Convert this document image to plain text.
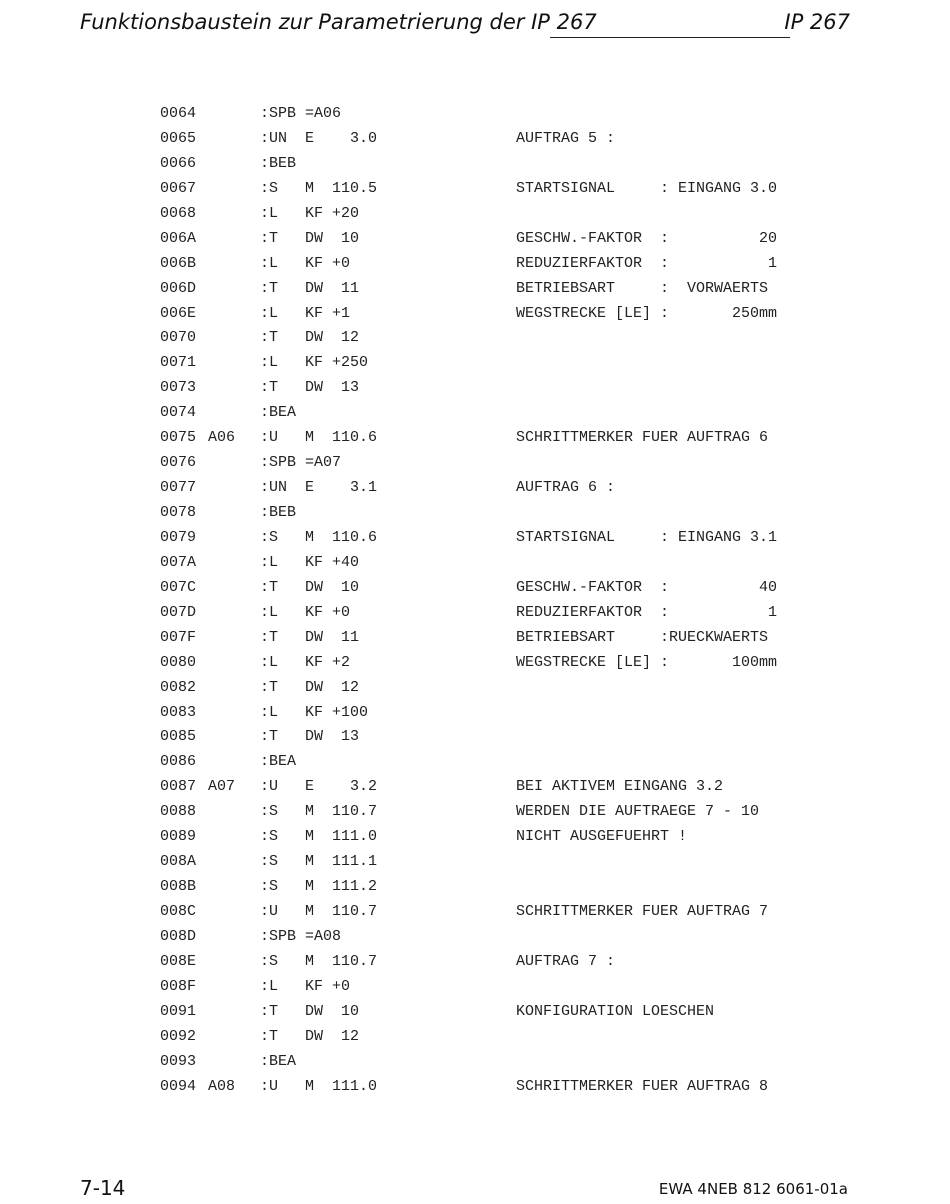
Funktionsbaustein zur Parametrierung der IP 267	IP 267
0064	:SPB =A06
0065	:UN  E    3.0	AUFTRAG 5 :
0066	:BEB
0067	:S   M  110.5	STARTSIGNAL     : EINGANG 3.0
0068	:L   KF +20
006A	:T   DW  10	GESCHW.-FAKTOR  :          20
006B	:L   KF +0	REDUZIERFAKTOR  :           1
006D	:T   DW  11	BETRIEBSART     :  VORWAERTS
006E	:L   KF +1	WEGSTRECKE [LE] :       250mm
0070	:T   DW  12
0071	:L   KF +250
0073	:T   DW  13
0074	:BEA
0075 A06 :U   M  110.6	SCHRITTMERKER FUER AUFTRAG 6
0076	:SPB =A07
0077	:UN  E    3.1	AUFTRAG 6 :
0078	:BEB
0079	:S   M  110.6	STARTSIGNAL     : EINGANG 3.1
007A	:L   KF +40
007C	:T   DW  10	GESCHW.-FAKTOR  :          40
007D	:L   KF +0	REDUZIERFAKTOR  :           1
007F	:T   DW  11	BETRIEBSART     :RUECKWAERTS
0080	:L   KF +2	WEGSTRECKE [LE] :       100mm
0082	:T   DW  12
0083	:L   KF +100
0085	:T   DW  13
0086	:BEA
0087 A07 :U   E    3.2	BEI AKTIVEM EINGANG 3.2
0088	:S   M  110.7	WERDEN DIE AUFTRAEGE 7 - 10
0089	:S   M  111.0	NICHT AUSGEFUEHRT !
008A	:S   M  111.1
008B	:S   M  111.2
008C	:U   M  110.7	SCHRITTMERKER FUER AUFTRAG 7
008D	:SPB =A08
008E	:S   M  110.7	AUFTRAG 7 :
008F	:L   KF +0
0091	:T   DW  10	KONFIGURATION LOESCHEN
0092	:T   DW  12
0093	:BEA
0094 A08 :U   M  111.0	SCHRITTMERKER FUER AUFTRAG 8
7-14	EWA 4NEB 812 6061-01a
